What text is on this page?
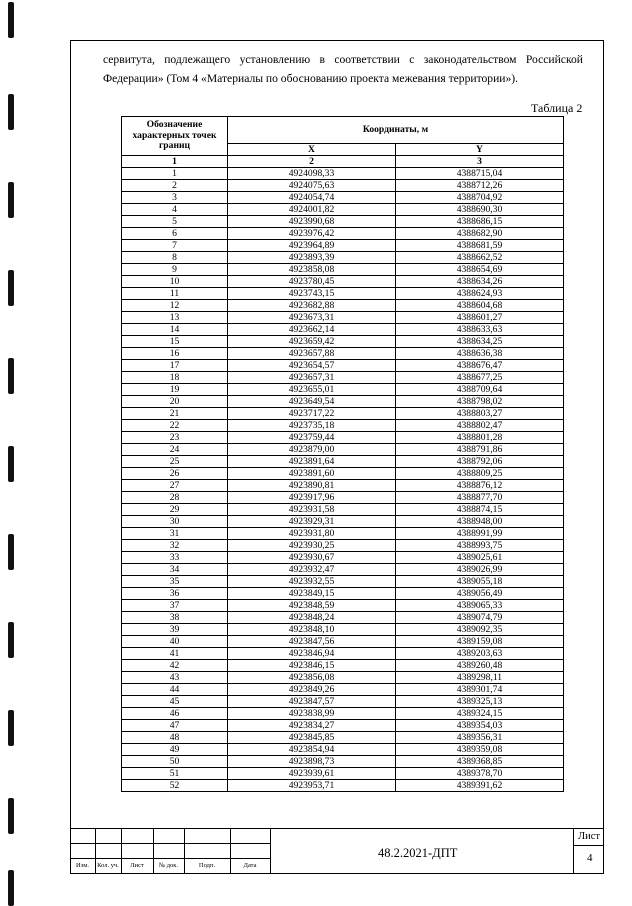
сервитута, подлежащего установлению в соответствии с законодательством Российской Федерации» (Том 4 «Материалы по обоснованию проекта межевания территории»).

Таблица 2
Обозначение характерных точек границ	Координаты, м	
	X	Y
1	2	3
1	4924098,33	4388715,04
2	4924075,63	4388712,26
3	4924054,74	4388704,92
4	4924001,82	4388690,30
5	4923990,68	4388686,15
6	4923976,42	4388682,90
7	4923964,89	4388681,59
8	4923893,39	4388662,52
9	4923858,08	4388654,69
10	4923780,45	4388634,26
11	4923743,15	4388624,93
12	4923682,88	4388604,68
13	4923673,31	4388601,27
14	4923662,14	4388633,63
15	4923659,42	4388634,25
16	4923657,88	4388636,38
17	4923654,57	4388676,47
18	4923657,31	4388677,25
19	4923655,01	4388709,64
20	4923649,54	4388798,02
21	4923717,22	4388803,27
22	4923735,18	4388802,47
23	4923759,44	4388801,28
24	4923879,00	4388791,86
25	4923891,64	4388792,06
26	4923891,60	4388809,25
27	4923890,81	4388876,12
28	4923917,96	4388877,70
29	4923931,58	4388874,15
30	4923929,31	4388948,00
31	4923931,80	4388991,99
32	4923930,25	4388993,75
33	4923930,67	4389025,61
34	4923932,47	4389026,99
35	4923932,55	4389055,18
36	4923849,15	4389056,49
37	4923848,59	4389065,33
38	4923848,24	4389074,79
39	4923848,10	4389092,35
40	4923847,56	4389159,08
41	4923846,94	4389203,63
42	4923846,15	4389260,48
43	4923856,08	4389298,11
44	4923849,26	4389301,74
45	4923847,57	4389325,13
46	4923838,99	4389324,15
47	4923834,27	4389354,03
48	4923845,85	4389356,31
49	4923854,94	4389359,08
50	4923898,73	4389368,85
51	4923939,61	4389378,70
52	4923953,71	4389391,62
Изм.	Кол. уч.	Лист	№ док.	Подп.	Дата
48.2.2021-ДПТ
Лист
4
